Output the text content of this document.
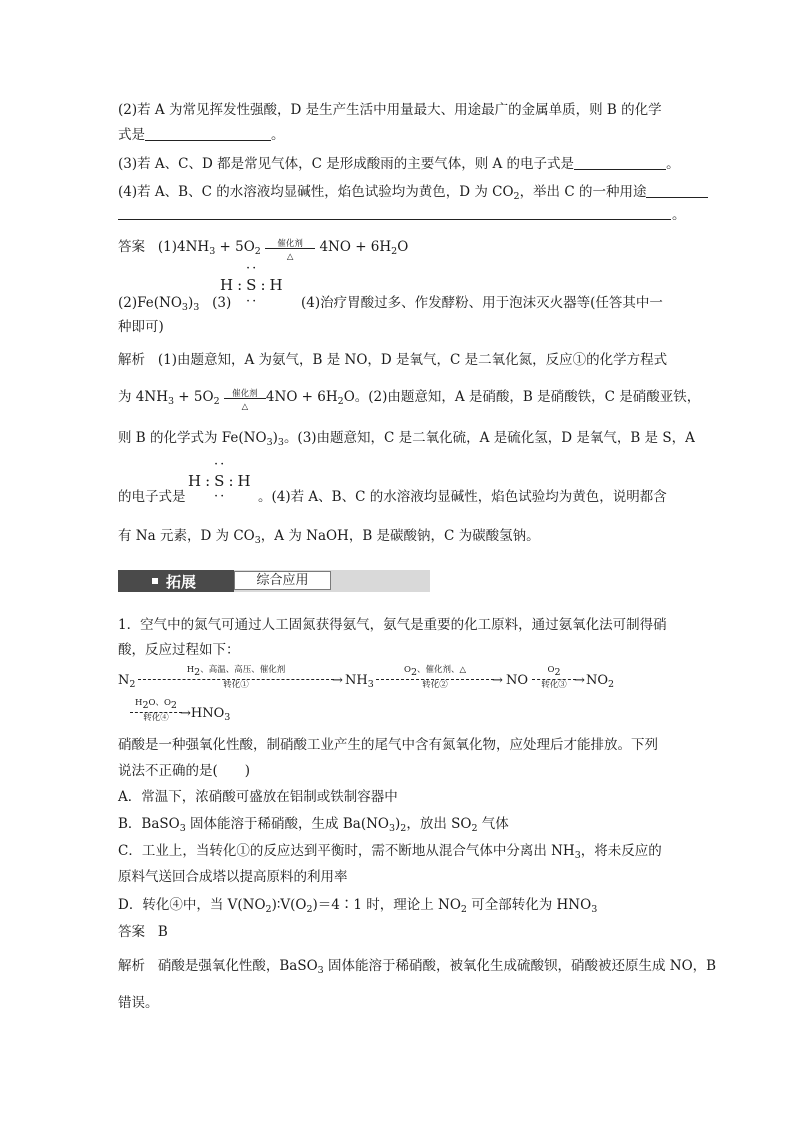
(2)若 A 为常见挥发性强酸，D 是生产生活中用量最大、用途最广的金属单质，则 B 的化学
式是	。
(3)若 A、C、D 都是常见气体，C 是形成酸雨的主要气体，则 A 的电子式是	。
(4)若 A、B、C 的水溶液均显碱性，焰色试验均为黄色，D 为 $CO_2$，举出 C 的一种用途
。
答案 $(1)4NH_3 + 5O_2$
催化剂
△
$4NO + 6H_2O$
··
H:S:H
··
$(2)Fe(NO_3)_3$ (3)	(4)治疗胃酸过多、作发酵粉、用于泡沫灭火器等(任答其中一
种即可)
解析 (1)由题意知，A 为氨气，B 是 NO，D 是氧气，C 是二氧化氮，反应①的化学方程式
为 $4NH_3 + 5O_2$
催化剂
△
$4NO + 6H_2O$。(2)由题意知，A 是硝酸，B 是硝酸铁，C 是硝酸亚铁，
则 B 的化学式为 $Fe(NO_3)_3$。(3)由题意知，C 是二氧化硫，A 是硫化氢，D 是氧气，B 是 S，A
··
H:S:H
··
的电子式是	。(4)若 A、B、C 的水溶液均显碱性，焰色试验均为黄色，说明都含
有 Na 元素，D 为 $CO_3$，A 为 NaOH，B 是碳酸钠，C 为碳酸氢钠。
拓展	综合应用
1．空气中的氮气可通过人工固氮获得氨气，氨气是重要的化工原料，通过氨氧化法可制得硝
酸，反应过程如下：
$N_2$
H2、高温、高压、催化剂
转化①	→ $NH_3$
O2、催化剂、△
转化②	→ NO
O2
转化③ → $NO_2$
H2O、O2
转化④ $\to HNO_3$
硝酸是一种强氧化性酸，制硝酸工业产生的尾气中含有氮氧化物，应处理后才能排放。下列
说法不正确的是(　　)
A．常温下，浓硝酸可盛放在铝制或铁制容器中
B．BaSO$_3$ 固体能溶于稀硝酸，生成 $Ba(NO_3)_2$，放出 $SO_2$ 气体
C．工业上，当转化①的反应达到平衡时，需不断地从混合气体中分离出 $NH_3$，将未反应的
原料气送回合成塔以提高原料的利用率
D．转化④中，当 $V(NO_2)∶V(O_2)=4∶1$ 时，理论上 $NO_2$ 可全部转化为 $HNO_3$
答案 B
解析 硝酸是强氧化性酸，BaSO$_3$ 固体能溶于稀硝酸，被氧化生成硫酸钡，硝酸被还原生成 NO，B
错误。
